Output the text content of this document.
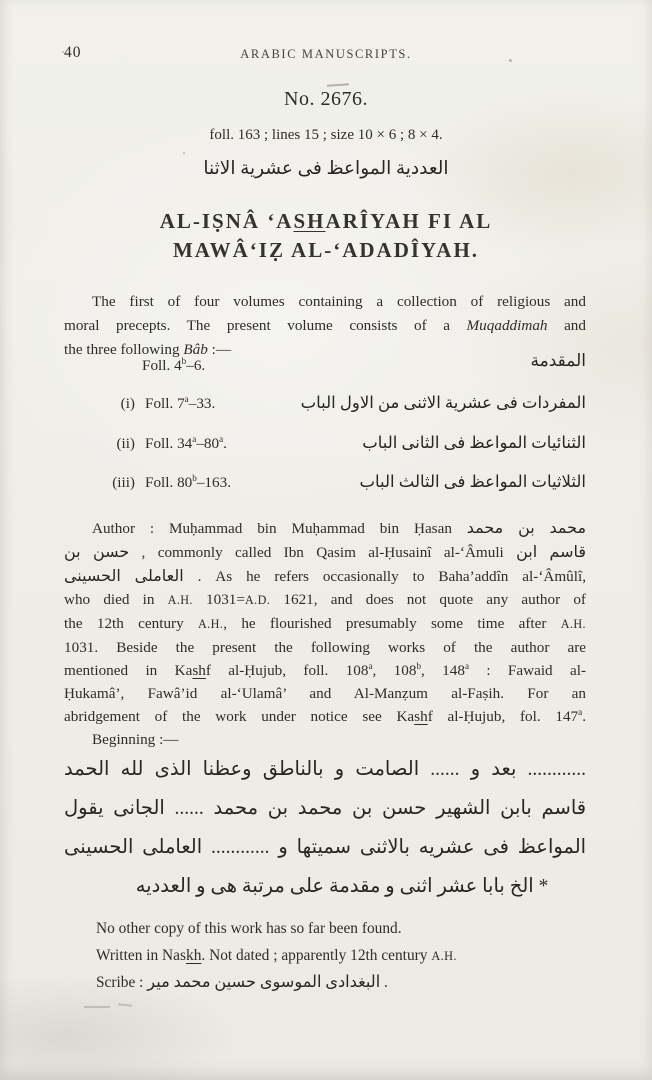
40	ARABIC MANUSCRIPTS.
No. 2676.
foll. 163 ; lines 15 ; size 10 × 6 ; 8 × 4.
الاثنا عشرية فى المواعظ العددية
AL-IṢNÂ ‘ASHARÎYAH FI AL
MAWÂ‘IẒ AL-‘ADADÎYAH.
The first of four volumes containing a collection of religious and
moral precepts. The present volume consists of a Muqaddimah and
the three following Bâb :—
Foll. 4$^b$–6.	المقدمة
(i) Foll. 7$^a$–33.	الباب الاول من الاثنى عشرية فى المفردات
(ii) Foll. 34$^a$–80$^a$.	الباب الثانى فى المواعظ الثنائيات
(iii) Foll. 80$^b$–163.	الباب الثالث فى المواعظ الثلاثيات
Author : Muḥammad bin Muḥammad bin Ḥasan محمد بن محمد
بن حسن , commonly called Ibn Qasim al-Ḥusainî al-‘Âmuli ابن قاسم
الحسينى العاملى . As he refers occasionally to Baha’addîn al-‘Âmûlî,
who died in A.H. 1031=A.D. 1621, and does not quote any author of
the 12th century A.H., he flourished presumably some time after A.H.
1031. Beside the present the following works of the author are
mentioned in Kashf al-Ḥujub, foll. 108$^a$, 108$^b$, 148$^a$ : Fawaid al-
Ḥukamâ’, Fawâ’id al-‘Ulamâ’ and Al-Manẓum al-Faṣih. For an
abridgement of the work under notice see Kashf al-Ḥujub, fol. 147$^a$.
Beginning :—
الحمد لله الذى وعظنا بالناطق و الصامت ...... و بعد ............
يقول الجانى ...... محمد بن محمد بن حسن الشهير بابن قاسم
الحسينى العاملى ............ و سميتها بالاثنى عشريه فى المواعظ
العدديه و هى مرتبة على مقدمة و اثنى عشر بابا الخ *
No other copy of this work has so far been found.
Written in Naskh. Not dated ; apparently 12th century A.H.
Scribe : مير محمد حسين الموسوى البغدادى .
